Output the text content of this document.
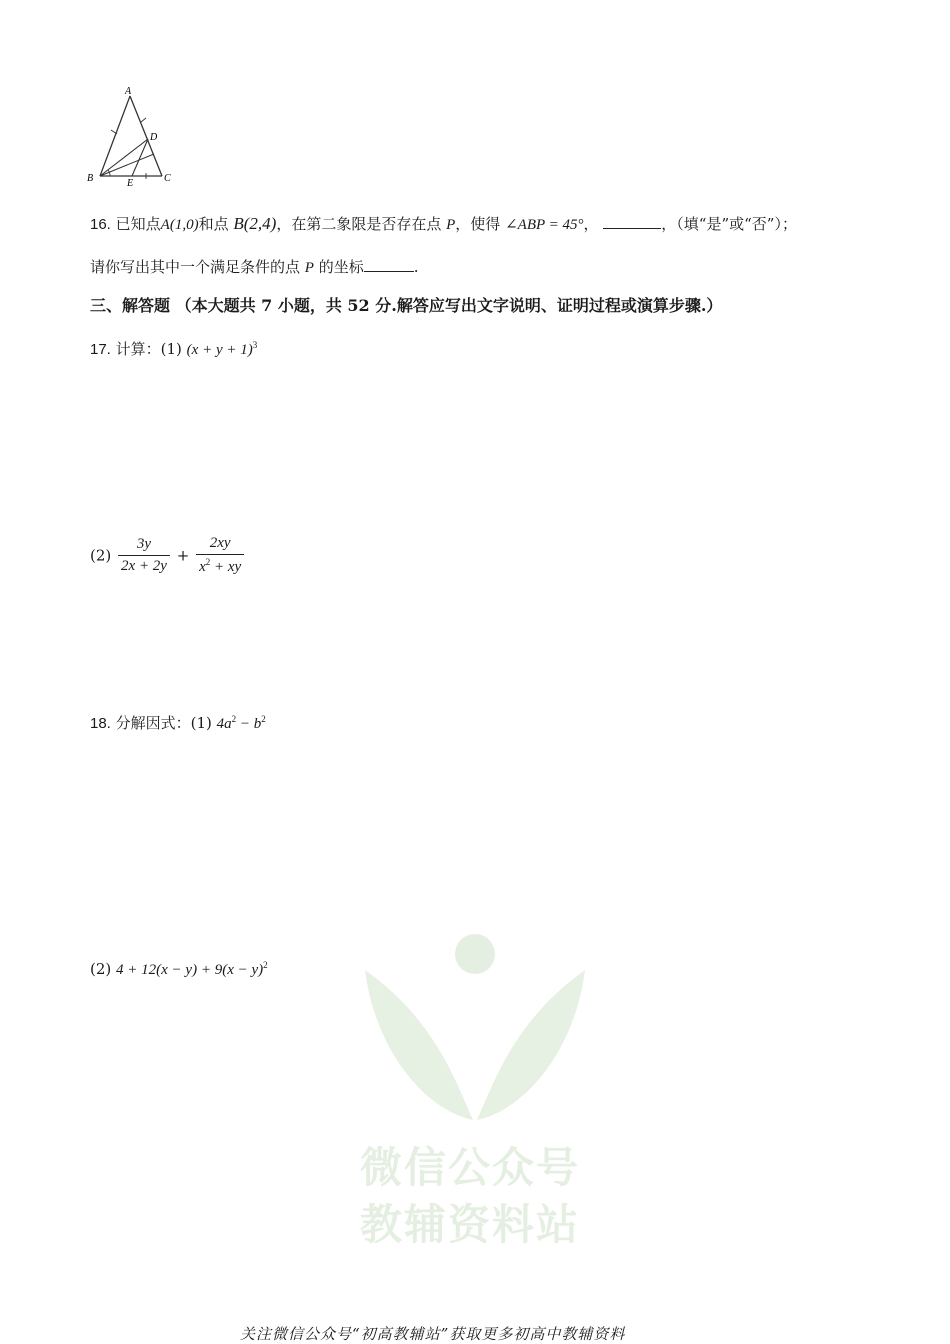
微信公众号
教辅资料站
A
D
B	E	C
16. 已知点A(1,0)和点 B(2,4)，在第二象限是否存在点 P，使得 ∠ABP = 45°，	，（填“是”或“否”）；
请你写出其中一个满足条件的点 P 的坐标	.
三、解答题 （本大题共 7 小题，共 52 分.解答应写出文字说明、证明过程或演算步骤.）
17. 计算：(1) $(x + y + 1)^3$
$(2) \frac{3y}{2x + 2y} + \frac{2xy}{x^2 + xy}$
18. 分解因式：(1) $4a^2 - b^2$
(2) $4 + 12(x - y) + 9(x - y)^2$
关注微信公众号“初高教辅站”获取更多初高中教辅资料
